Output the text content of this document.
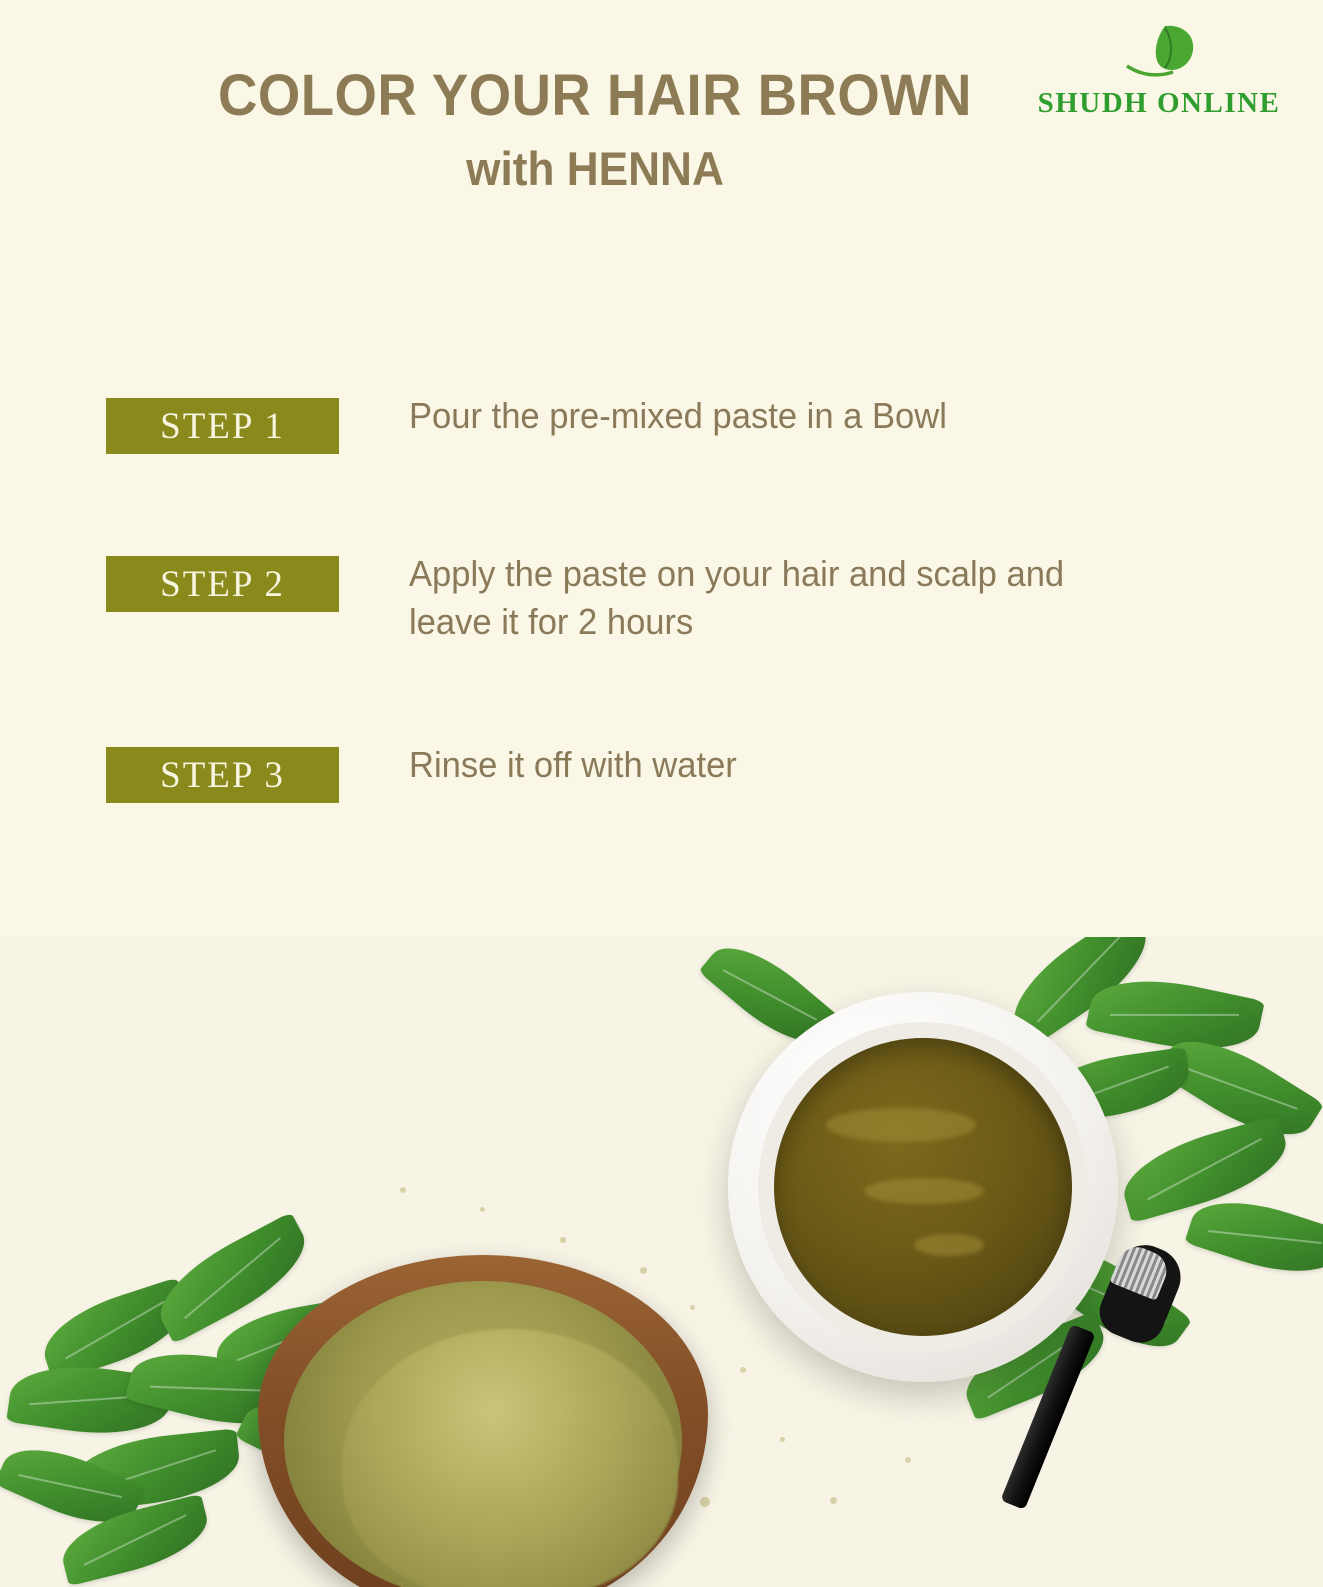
SHUDH ONLINE
COLOR YOUR HAIR BROWN
with HENNA
STEP 1	Pour the pre-mixed paste in a Bowl
STEP 2	Apply the paste on your hair and scalp and leave it for 2 hours
STEP 3	Rinse it off with water
